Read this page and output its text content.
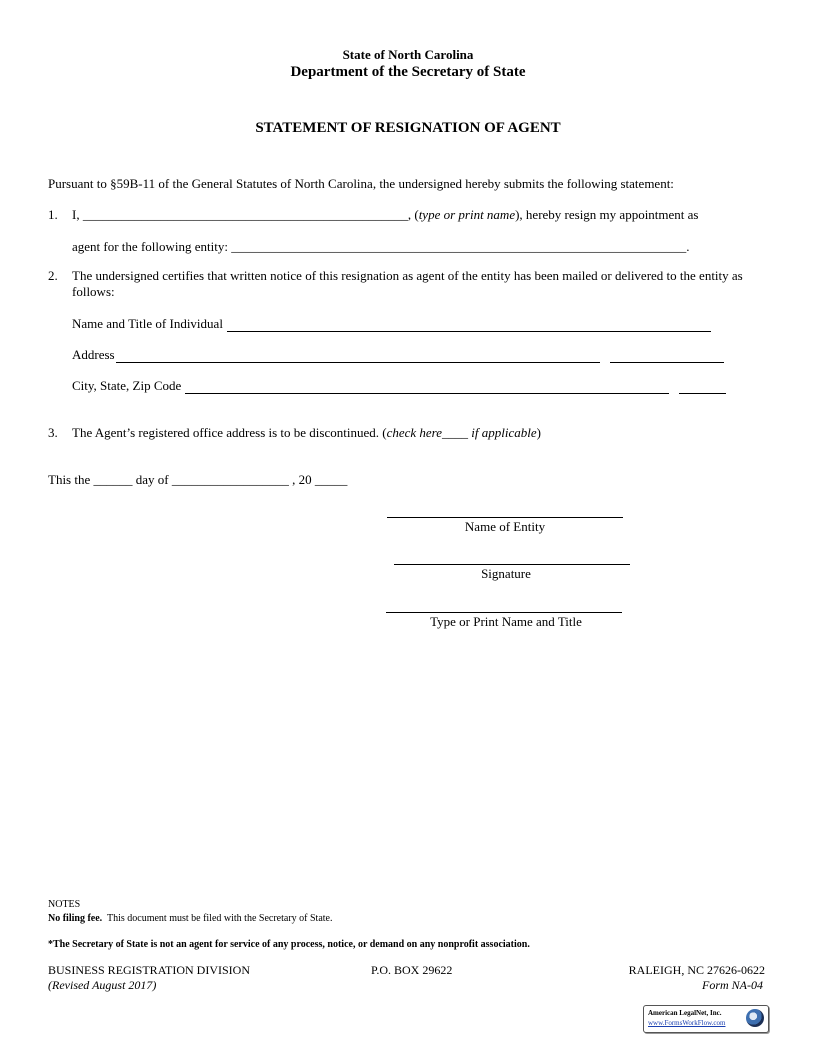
State of North Carolina
Department of the Secretary of State
STATEMENT OF RESIGNATION OF AGENT
Pursuant to §59B-11 of the General Statutes of North Carolina, the undersigned hereby submits the following statement:
1. I, __________________________________________________, (type or print name), hereby resign my appointment as
agent for the following entity: ______________________________________________________________________.
2. The undersigned certifies that written notice of this resignation as agent of the entity has been mailed or delivered to the entity as
follows:
Name and Title of Individual
Address
City, State, Zip Code
3. The Agent’s registered office address is to be discontinued. (check here____ if applicable)
This the ______ day of __________________ , 20 _____
Name of Entity
Signature
Type or Print Name and Title
NOTES
No filing fee.  This document must be filed with the Secretary of State.
*The Secretary of State is not an agent for service of any process, notice, or demand on any nonprofit association.
BUSINESS REGISTRATION DIVISION
(Revised August 2017)
P.O. BOX 29622	RALEIGH, NC 27626-0622
Form NA-04
American LegalNet, Inc.
www.FormsWorkFlow.com
